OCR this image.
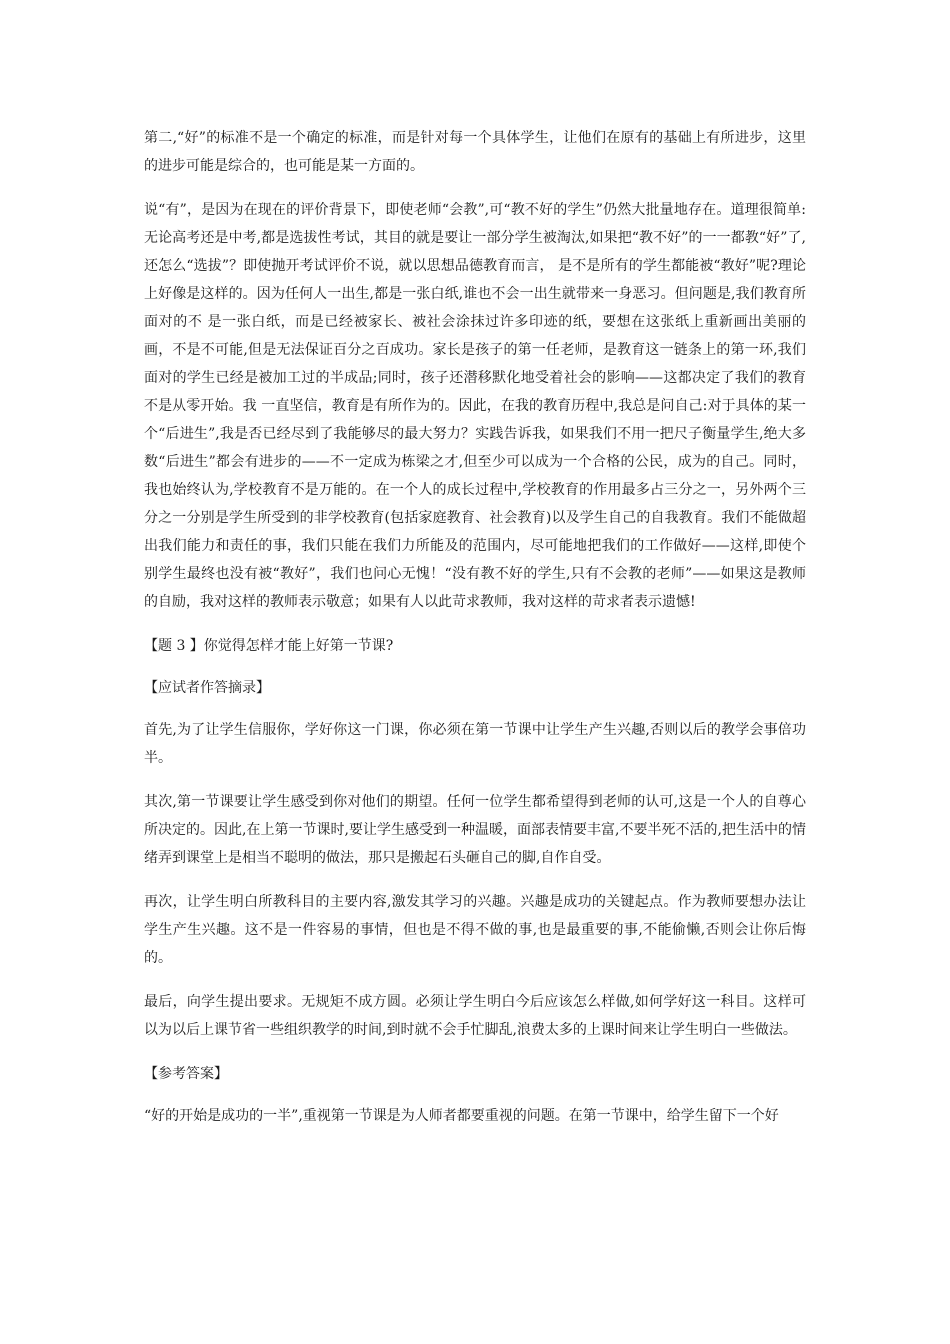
第二,“好”的标准不是一个确定的标准，而是针对每一个具体学生，让他们在原有的基础上有所进步，这里的进步可能是综合的，也可能是某一方面的。

说“有”，是因为在现在的评价背景下，即使老师“会教”,可“教不好的学生”仍然大批量地存在。道理很简单:无论高考还是中考,都是选拔性考试，其目的就是要让一部分学生被淘汰,如果把“教不好”的一一都教“好”了,还怎么“选拔”？即使抛开考试评价不说，就以思想品德教育而言， 是不是所有的学生都能被“教好”呢?理论上好像是这样的。因为任何人一出生,都是一张白纸,谁也不会一出生就带来一身恶习。但问题是,我们教育所面对的不 是一张白纸，而是已经被家长、被社会涂抹过许多印迹的纸，要想在这张纸上重新画出美丽的画，不是不可能,但是无法保证百分之百成功。家长是孩子的第一任老师，是教育这一链条上的第一环,我们面对的学生已经是被加工过的半成品;同时，孩子还潜移默化地受着社会的影响——这都决定了我们的教育不是从零开始。我 一直坚信，教育是有所作为的。因此，在我的教育历程中,我总是问自己:对于具体的某一个“后进生”,我是否已经尽到了我能够尽的最大努力？实践告诉我，如果我们不用一把尺子衡量学生,绝大多数“后进生”都会有进步的——不一定成为栋梁之才,但至少可以成为一个合格的公民，成为的自己。同时，我也始终认为,学校教育不是万能的。在一个人的成长过程中,学校教育的作用最多占三分之一，另外两个三分之一分别是学生所受到的非学校教育(包括家庭教育、社会教育)以及学生自己的自我教育。我们不能做超出我们能力和责任的事，我们只能在我们力所能及的范围内，尽可能地把我们的工作做好——这样,即使个别学生最终也没有被“教好”，我们也问心无愧！“没有教不好的学生,只有不会教的老师”——如果这是教师的自励，我对这样的教师表示敬意；如果有人以此苛求教师，我对这样的苛求者表示遗憾!

【题 3 】你觉得怎样才能上好第一节课?

【应试者作答摘录】

首先,为了让学生信服你，学好你这一门课，你必须在第一节课中让学生产生兴趣,否则以后的教学会事倍功半。

其次,第一节课要让学生感受到你对他们的期望。任何一位学生都希望得到老师的认可,这是一个人的自尊心所决定的。因此,在上第一节课时,要让学生感受到一种温暖，面部表情要丰富,不要半死不活的,把生活中的情绪弄到课堂上是相当不聪明的做法，那只是搬起石头砸自己的脚,自作自受。

再次，让学生明白所教科目的主要内容,激发其学习的兴趣。兴趣是成功的关键起点。作为教师要想办法让学生产生兴趣。这不是一件容易的事情，但也是不得不做的事,也是最重要的事,不能偷懒,否则会让你后悔的。

最后，向学生提出要求。无规矩不成方圆。必须让学生明白今后应该怎么样做,如何学好这一科目。这样可以为以后上课节省一些组织教学的时间,到时就不会手忙脚乱,浪费太多的上课时间来让学生明白一些做法。

【参考答案】

“好的开始是成功的一半”,重视第一节课是为人师者都要重视的问题。在第一节课中，给学生留下一个好
